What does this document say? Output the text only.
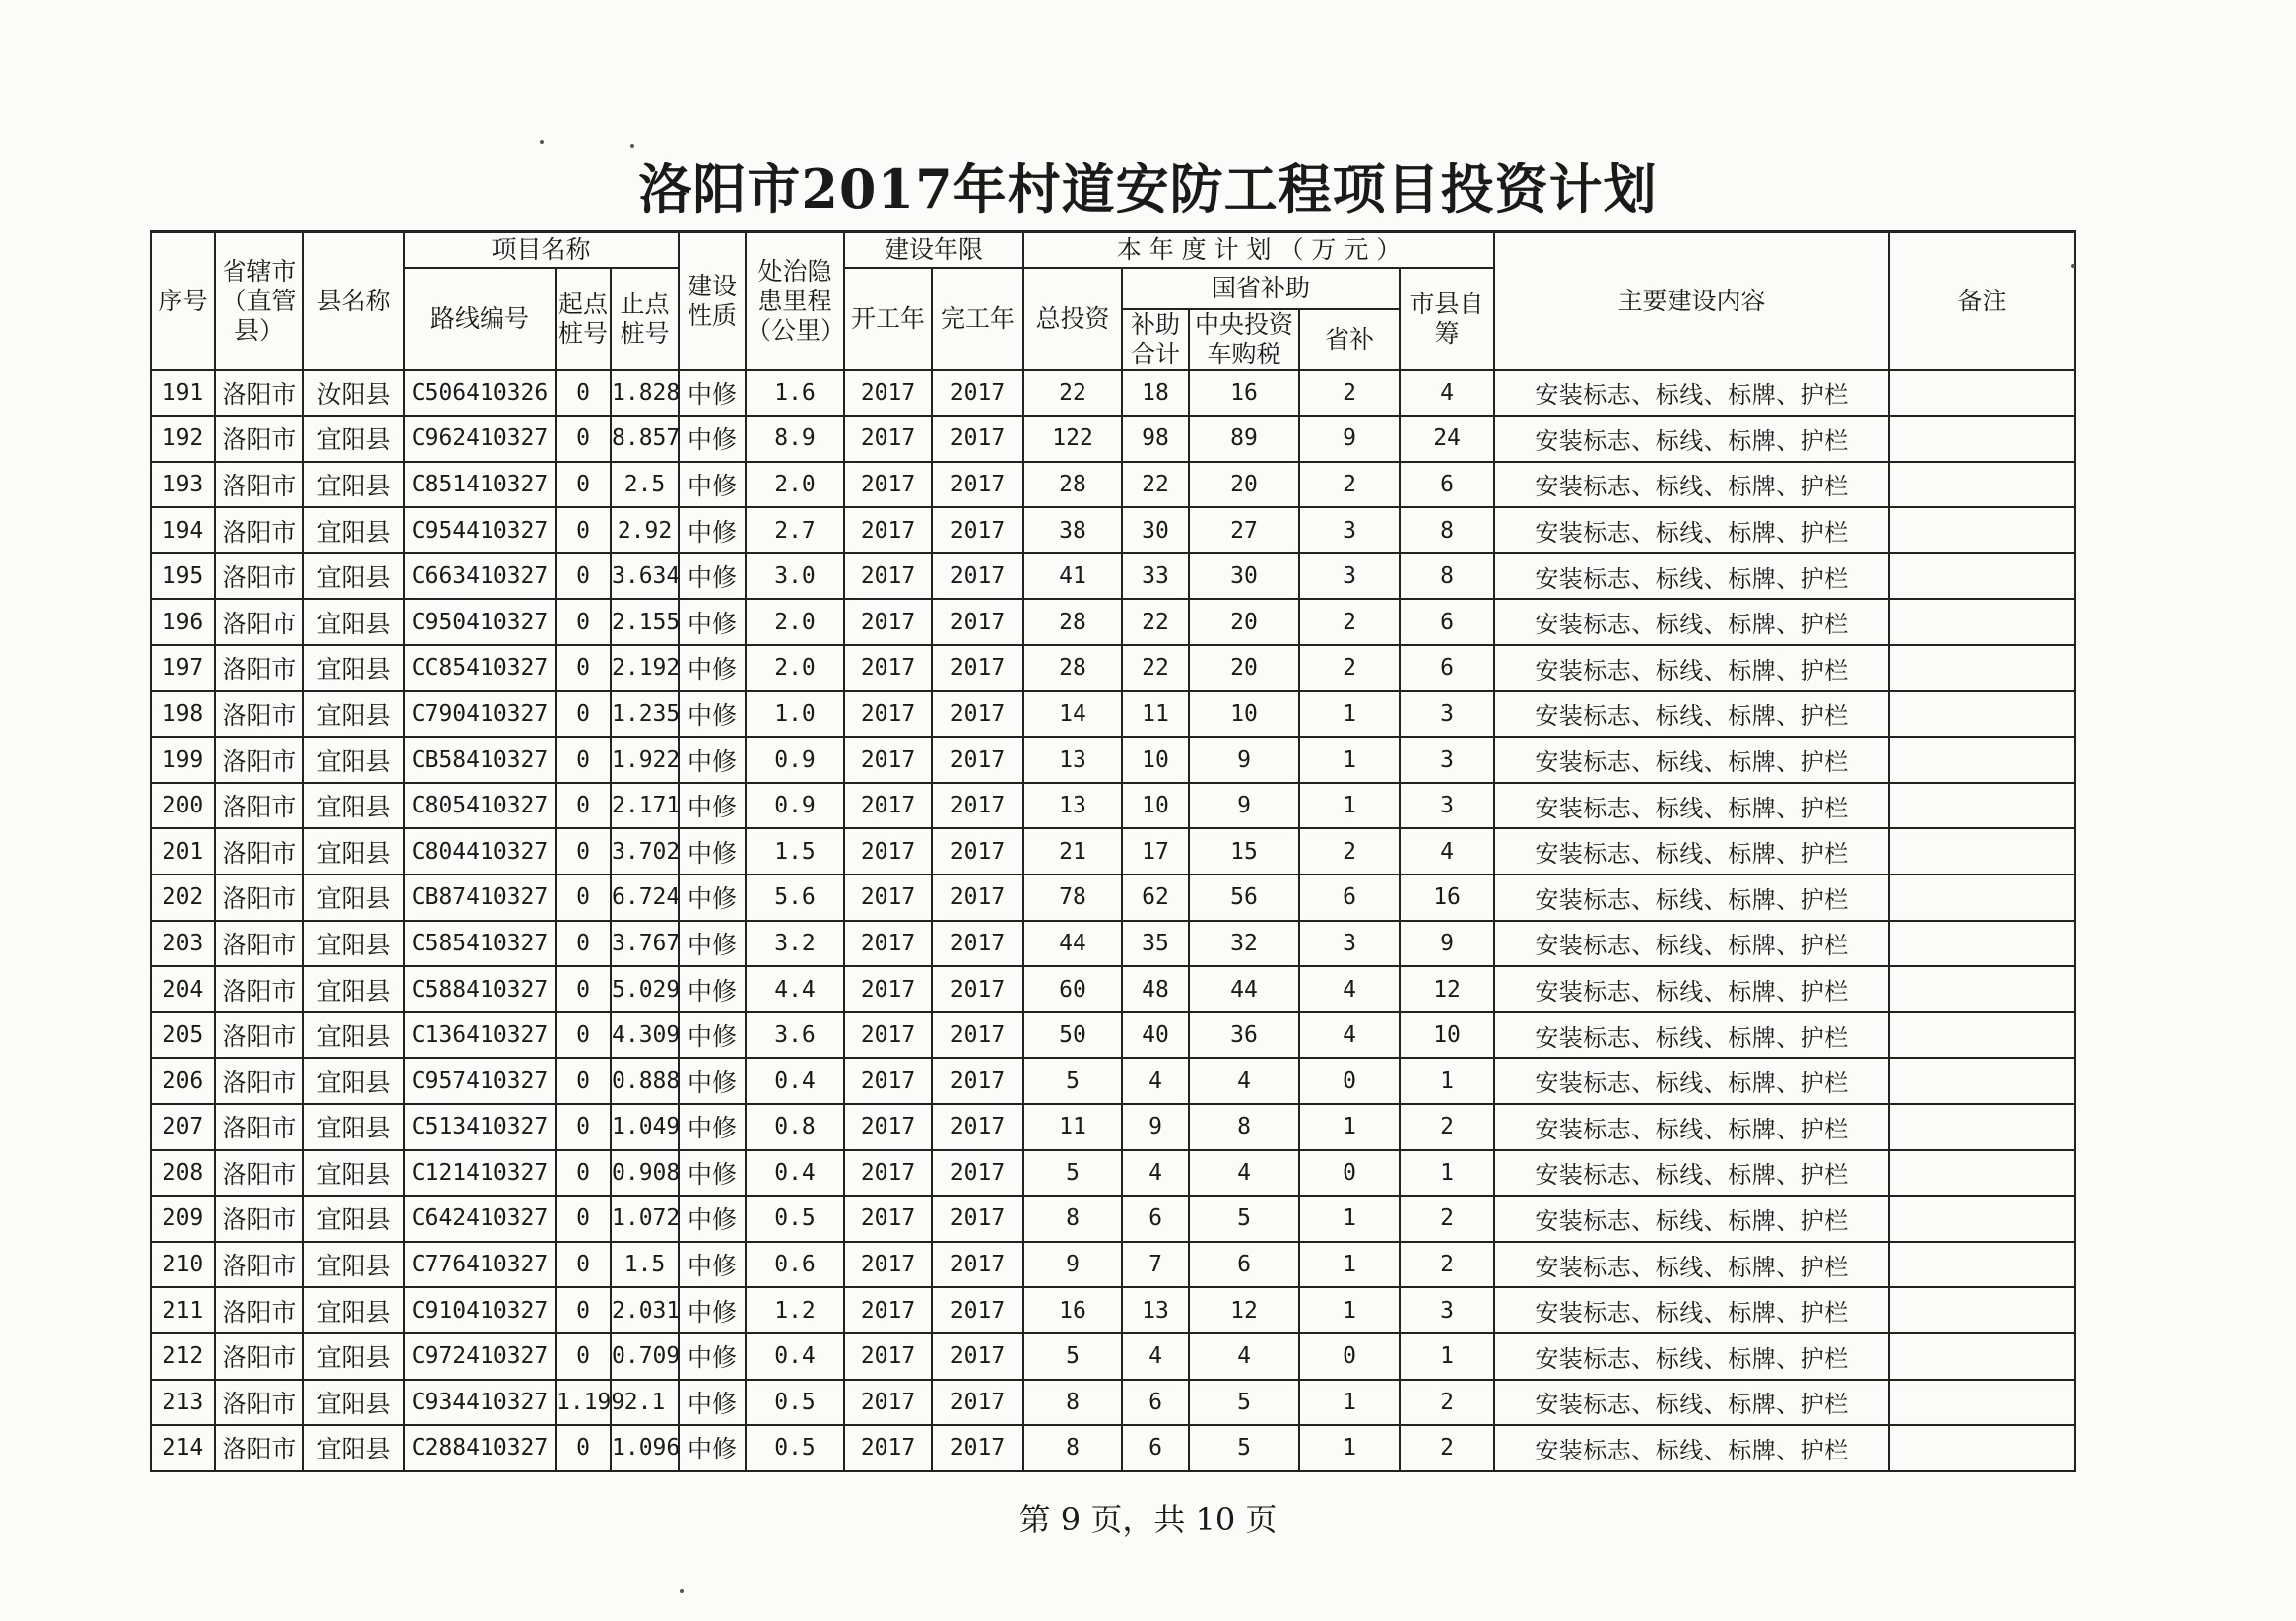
洛阳市2017年村道安防工程项目投资计划
序号	省辖市（直管县）	县名称	项目名称			建设性质	处治隐患里程（公里）	建设年限		本 年 度 计 划 （ 万 元 ）					主要建设内容	备注
			路线编号	起点桩号	止点桩号			开工年	完工年	总投资	国省补助			市县自筹		
											补助合计	中央投资车购税	省补			
191	洛阳市	汝阳县	C506410326	0	1.828	中修	1.6	2017	2017	22	18	16	2	4	安装标志、标线、标牌、护栏	
192	洛阳市	宜阳县	C962410327	0	8.857	中修	8.9	2017	2017	122	98	89	9	24	安装标志、标线、标牌、护栏	
193	洛阳市	宜阳县	C851410327	0	2.5	中修	2.0	2017	2017	28	22	20	2	6	安装标志、标线、标牌、护栏	
194	洛阳市	宜阳县	C954410327	0	2.92	中修	2.7	2017	2017	38	30	27	3	8	安装标志、标线、标牌、护栏	
195	洛阳市	宜阳县	C663410327	0	3.634	中修	3.0	2017	2017	41	33	30	3	8	安装标志、标线、标牌、护栏	
196	洛阳市	宜阳县	C950410327	0	2.155	中修	2.0	2017	2017	28	22	20	2	6	安装标志、标线、标牌、护栏	
197	洛阳市	宜阳县	CC85410327	0	2.192	中修	2.0	2017	2017	28	22	20	2	6	安装标志、标线、标牌、护栏	
198	洛阳市	宜阳县	C790410327	0	1.235	中修	1.0	2017	2017	14	11	10	1	3	安装标志、标线、标牌、护栏	
199	洛阳市	宜阳县	CB58410327	0	1.922	中修	0.9	2017	2017	13	10	9	1	3	安装标志、标线、标牌、护栏	
200	洛阳市	宜阳县	C805410327	0	2.171	中修	0.9	2017	2017	13	10	9	1	3	安装标志、标线、标牌、护栏	
201	洛阳市	宜阳县	C804410327	0	3.702	中修	1.5	2017	2017	21	17	15	2	4	安装标志、标线、标牌、护栏	
202	洛阳市	宜阳县	CB87410327	0	6.724	中修	5.6	2017	2017	78	62	56	6	16	安装标志、标线、标牌、护栏	
203	洛阳市	宜阳县	C585410327	0	3.767	中修	3.2	2017	2017	44	35	32	3	9	安装标志、标线、标牌、护栏	
204	洛阳市	宜阳县	C588410327	0	5.029	中修	4.4	2017	2017	60	48	44	4	12	安装标志、标线、标牌、护栏	
205	洛阳市	宜阳县	C136410327	0	4.309	中修	3.6	2017	2017	50	40	36	4	10	安装标志、标线、标牌、护栏	
206	洛阳市	宜阳县	C957410327	0	0.888	中修	0.4	2017	2017	5	4	4	0	1	安装标志、标线、标牌、护栏	
207	洛阳市	宜阳县	C513410327	0	1.049	中修	0.8	2017	2017	11	9	8	1	2	安装标志、标线、标牌、护栏	
208	洛阳市	宜阳县	C121410327	0	0.908	中修	0.4	2017	2017	5	4	4	0	1	安装标志、标线、标牌、护栏	
209	洛阳市	宜阳县	C642410327	0	1.072	中修	0.5	2017	2017	8	6	5	1	2	安装标志、标线、标牌、护栏	
210	洛阳市	宜阳县	C776410327	0	1.5	中修	0.6	2017	2017	9	7	6	1	2	安装标志、标线、标牌、护栏	
211	洛阳市	宜阳县	C910410327	0	2.031	中修	1.2	2017	2017	16	13	12	1	3	安装标志、标线、标牌、护栏	
212	洛阳市	宜阳县	C972410327	0	0.709	中修	0.4	2017	2017	5	4	4	0	1	安装标志、标线、标牌、护栏	
213	洛阳市	宜阳县	C934410327	1.199	2.1	中修	0.5	2017	2017	8	6	5	1	2	安装标志、标线、标牌、护栏	
214	洛阳市	宜阳县	C288410327	0	1.096	中修	0.5	2017	2017	8	6	5	1	2	安装标志、标线、标牌、护栏	
第 9 页，共 10 页
